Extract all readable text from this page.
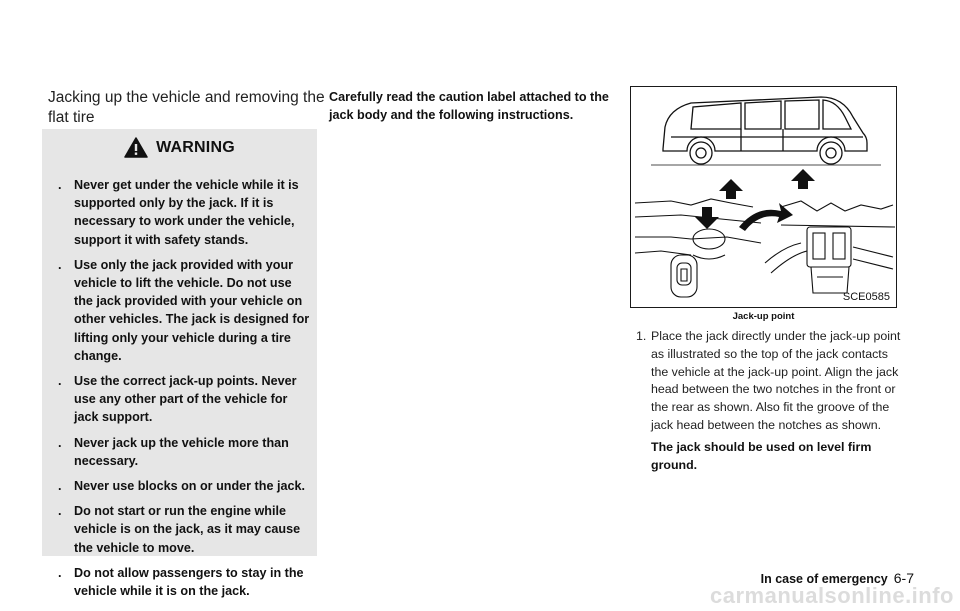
Jacking up the vehicle and removing the flat tire
WARNING
. Never get under the vehicle while it is supported only by the jack. If it is necessary to work under the vehicle, support it with safety stands.
. Use only the jack provided with your vehicle to lift the vehicle. Do not use the jack provided with your vehicle on other vehicles. The jack is designed for lifting only your vehicle during a tire change.
. Use the correct jack-up points. Never use any other part of the vehicle for jack support.
. Never jack up the vehicle more than necessary.
. Never use blocks on or under the jack.
. Do not start or run the engine while vehicle is on the jack, as it may cause the vehicle to move.
. Do not allow passengers to stay in the vehicle while it is on the jack.
Carefully read the caution label attached to the jack body and the following instructions.
SCE0585
Jack-up point
1. Place the jack directly under the jack-up point as illustrated so the top of the jack contacts the vehicle at the jack-up point. Align the jack head between the two notches in the front or the rear as shown. Also fit the groove of the jack head between the notches as shown.
The jack should be used on level firm ground.
In case of emergency 6-7
carmanualsonline.info
